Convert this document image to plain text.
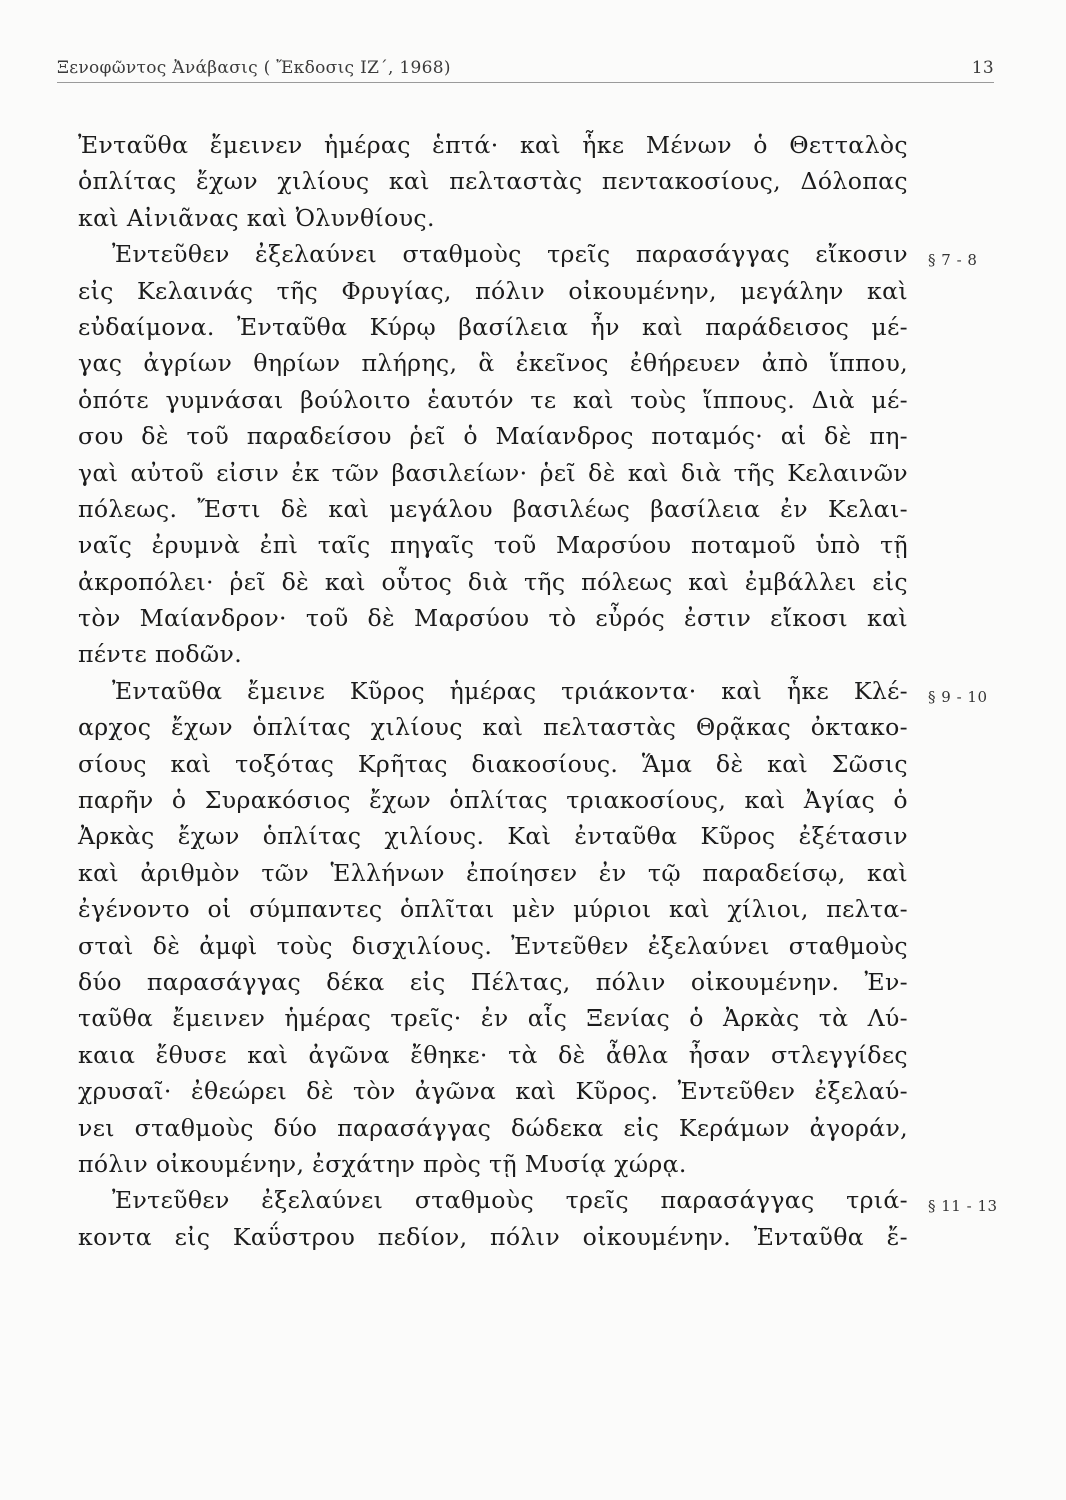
Ξενοφῶντος Ἀνάβασις ( Ἔκδοσις ΙΖ΄, 1968)	13
Ἐνταῦθα ἔμεινεν ἡμέρας ἑπτά· καὶ ἧκε Μένων ὁ Θετταλὸς
ὁπλίτας ἔχων χιλίους καὶ πελταστὰς πεντακοσίους, Δόλοπας
καὶ Αἰνιᾶνας καὶ Ὀλυνθίους.
Ἐντεῦθεν ἐξελαύνει σταθμοὺς τρεῖς παρασάγγας εἴκοσιν § 7 - 8
εἰς Κελαινάς τῆς Φρυγίας, πόλιν οἰκουμένην, μεγάλην καὶ
εὐδαίμονα. Ἐνταῦθα Κύρῳ βασίλεια ἦν καὶ παράδεισος μέ-
γας ἀγρίων θηρίων πλήρης, ἃ ἐκεῖνος ἐθήρευεν ἀπὸ ἵππου,
ὁπότε γυμνάσαι βούλοιτο ἑαυτόν τε καὶ τοὺς ἵππους. Διὰ μέ-
σου δὲ τοῦ παραδείσου ῥεῖ ὁ Μαίανδρος ποταμός· αἱ δὲ πη-
γαὶ αὐτοῦ εἰσιν ἐκ τῶν βασιλείων· ῥεῖ δὲ καὶ διὰ τῆς Κελαινῶν
πόλεως. Ἔστι δὲ καὶ μεγάλου βασιλέως βασίλεια ἐν Κελαι-
ναῖς ἐρυμνὰ ἐπὶ ταῖς πηγαῖς τοῦ Μαρσύου ποταμοῦ ὑπὸ τῇ
ἀκροπόλει· ῥεῖ δὲ καὶ οὗτος διὰ τῆς πόλεως καὶ ἐμβάλλει εἰς
τὸν Μαίανδρον· τοῦ δὲ Μαρσύου τὸ εὖρός ἐστιν εἴκοσι καὶ
πέντε ποδῶν.
Ἐνταῦθα ἔμεινε Κῦρος ἡμέρας τριάκοντα· καὶ ἧκε Κλέ- § 9 - 10
αρχος ἔχων ὁπλίτας χιλίους καὶ πελταστὰς Θρᾷκας ὀκτακο-
σίους καὶ τοξότας Κρῆτας διακοσίους. Ἅμα δὲ καὶ Σῶσις
παρῆν ὁ Συρακόσιος ἔχων ὁπλίτας τριακοσίους, καὶ Ἀγίας ὁ
Ἀρκὰς ἔχων ὁπλίτας χιλίους. Καὶ ἐνταῦθα Κῦρος ἐξέτασιν
καὶ ἀριθμὸν τῶν Ἑλλήνων ἐποίησεν ἐν τῷ παραδείσῳ, καὶ
ἐγένοντο οἱ σύμπαντες ὁπλῖται μὲν μύριοι καὶ χίλιοι, πελτα-
σταὶ δὲ ἀμφὶ τοὺς δισχιλίους. Ἐντεῦθεν ἐξελαύνει σταθμοὺς
δύο παρασάγγας δέκα εἰς Πέλτας, πόλιν οἰκουμένην. Ἐν-
ταῦθα ἔμεινεν ἡμέρας τρεῖς· ἐν αἷς Ξενίας ὁ Ἀρκὰς τὰ Λύ-
καια ἔθυσε καὶ ἀγῶνα ἔθηκε· τὰ δὲ ἆθλα ἦσαν στλεγγίδες
χρυσαῖ· ἐθεώρει δὲ τὸν ἀγῶνα καὶ Κῦρος. Ἐντεῦθεν ἐξελαύ-
νει σταθμοὺς δύο παρασάγγας δώδεκα εἰς Κεράμων ἀγοράν,
πόλιν οἰκουμένην, ἐσχάτην πρὸς τῇ Μυσίᾳ χώρᾳ.
Ἐντεῦθεν ἐξελαύνει σταθμοὺς τρεῖς παρασάγγας τριά- § 11 - 13
κοντα εἰς Καΰστρου πεδίον, πόλιν οἰκουμένην. Ἐνταῦθα ἔ-
